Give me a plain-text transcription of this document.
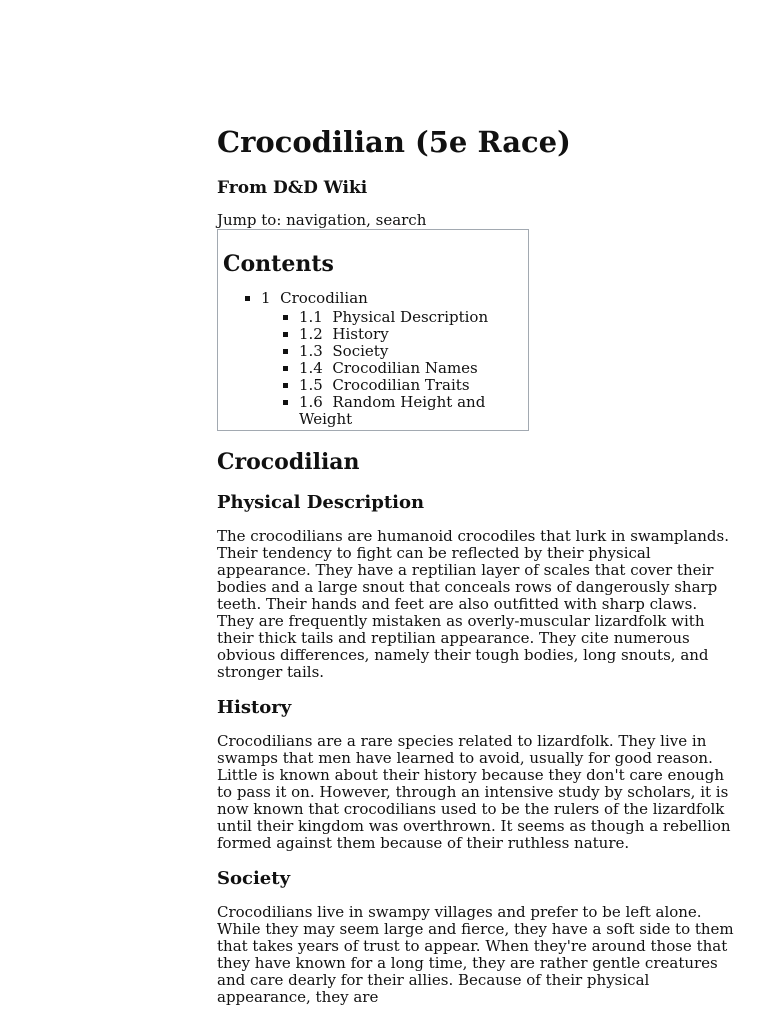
Crocodilian (5e Race)
From D&D Wiki
Jump to: navigation, search
Contents
1 Crocodilian
1.1 Physical Description
1.2 History
1.3 Society
1.4 Crocodilian Names
1.5 Crocodilian Traits
1.6 Random Height and Weight
Crocodilian
Physical Description

The crocodilians are humanoid crocodiles that lurk in swamplands. Their tendency to fight can be reflected by their physical appearance. They have a reptilian layer of scales that cover their bodies and a large snout that conceals rows of dangerously sharp teeth. Their hands and feet are also outfitted with sharp claws. They are frequently mistaken as overly-muscular lizardfolk with their thick tails and reptilian appearance. They cite numerous obvious differences, namely their tough bodies, long snouts, and stronger tails.

History

Crocodilians are a rare species related to lizardfolk. They live in swamps that men have learned to avoid, usually for good reason. Little is known about their history because they don't care enough to pass it on. However, through an intensive study by scholars, it is now known that crocodilians used to be the rulers of the lizardfolk until their kingdom was overthrown. It seems as though a rebellion formed against them because of their ruthless nature.

Society

Crocodilians live in swampy villages and prefer to be left alone. While they may seem large and fierce, they have a soft side to them that takes years of trust to appear. When they're around those that they have known for a long time, they are rather gentle creatures and care dearly for their allies. Because of their physical appearance, they are
